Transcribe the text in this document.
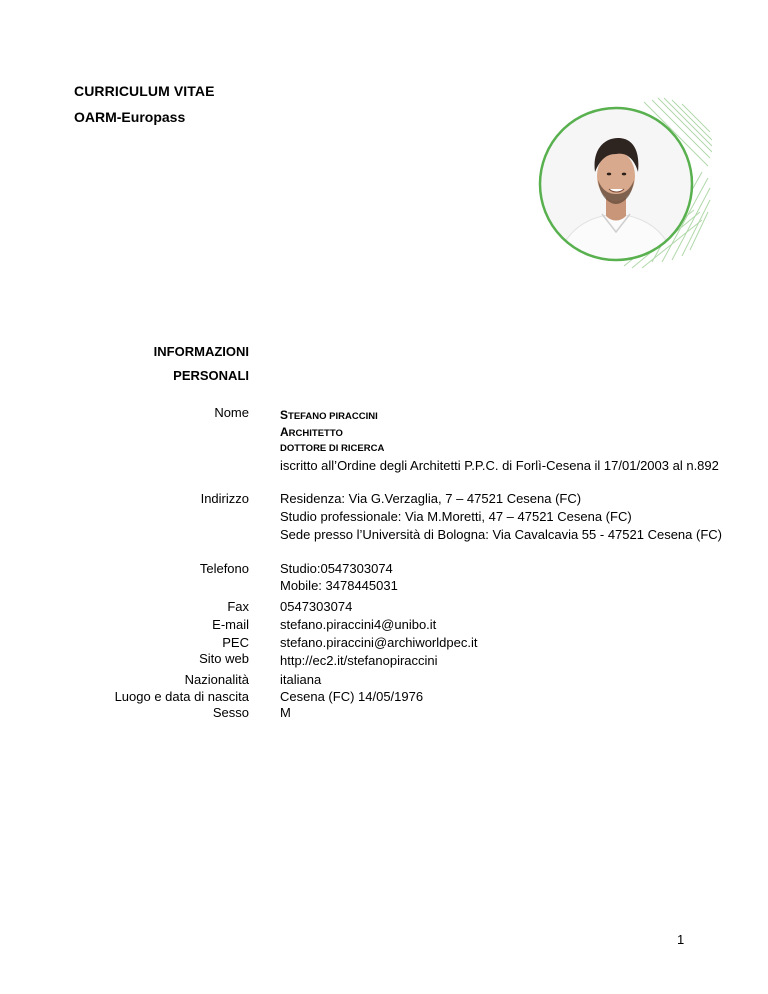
CURRICULUM VITAE
OARM-Europass
INFORMAZIONI
PERSONALI
Nome	STEFANO PIRACCINI
ARCHITETTO
DOTTORE DI RICERCA
iscritto all’Ordine degli Architetti P.P.C. di Forlì-Cesena il 17/01/2003 al n.892
Indirizzo Residenza: Via G.Verzaglia, 7 – 47521 Cesena (FC)
Studio professionale: Via M.Moretti, 47 – 47521 Cesena (FC)
Sede presso l’Università di Bologna: Via Cavalcavia 55 - 47521 Cesena (FC)
Telefono Studio:0547303074
Mobile: 3478445031
Fax 0547303074
E-mail stefano.piraccini4@unibo.it
PEC stefano.piraccini@archiworldpec.it
Sito web http://ec2.it/stefanopiraccini
Nazionalità italiana
Luogo e data di nascita Cesena (FC) 14/05/1976
Sesso M
1
